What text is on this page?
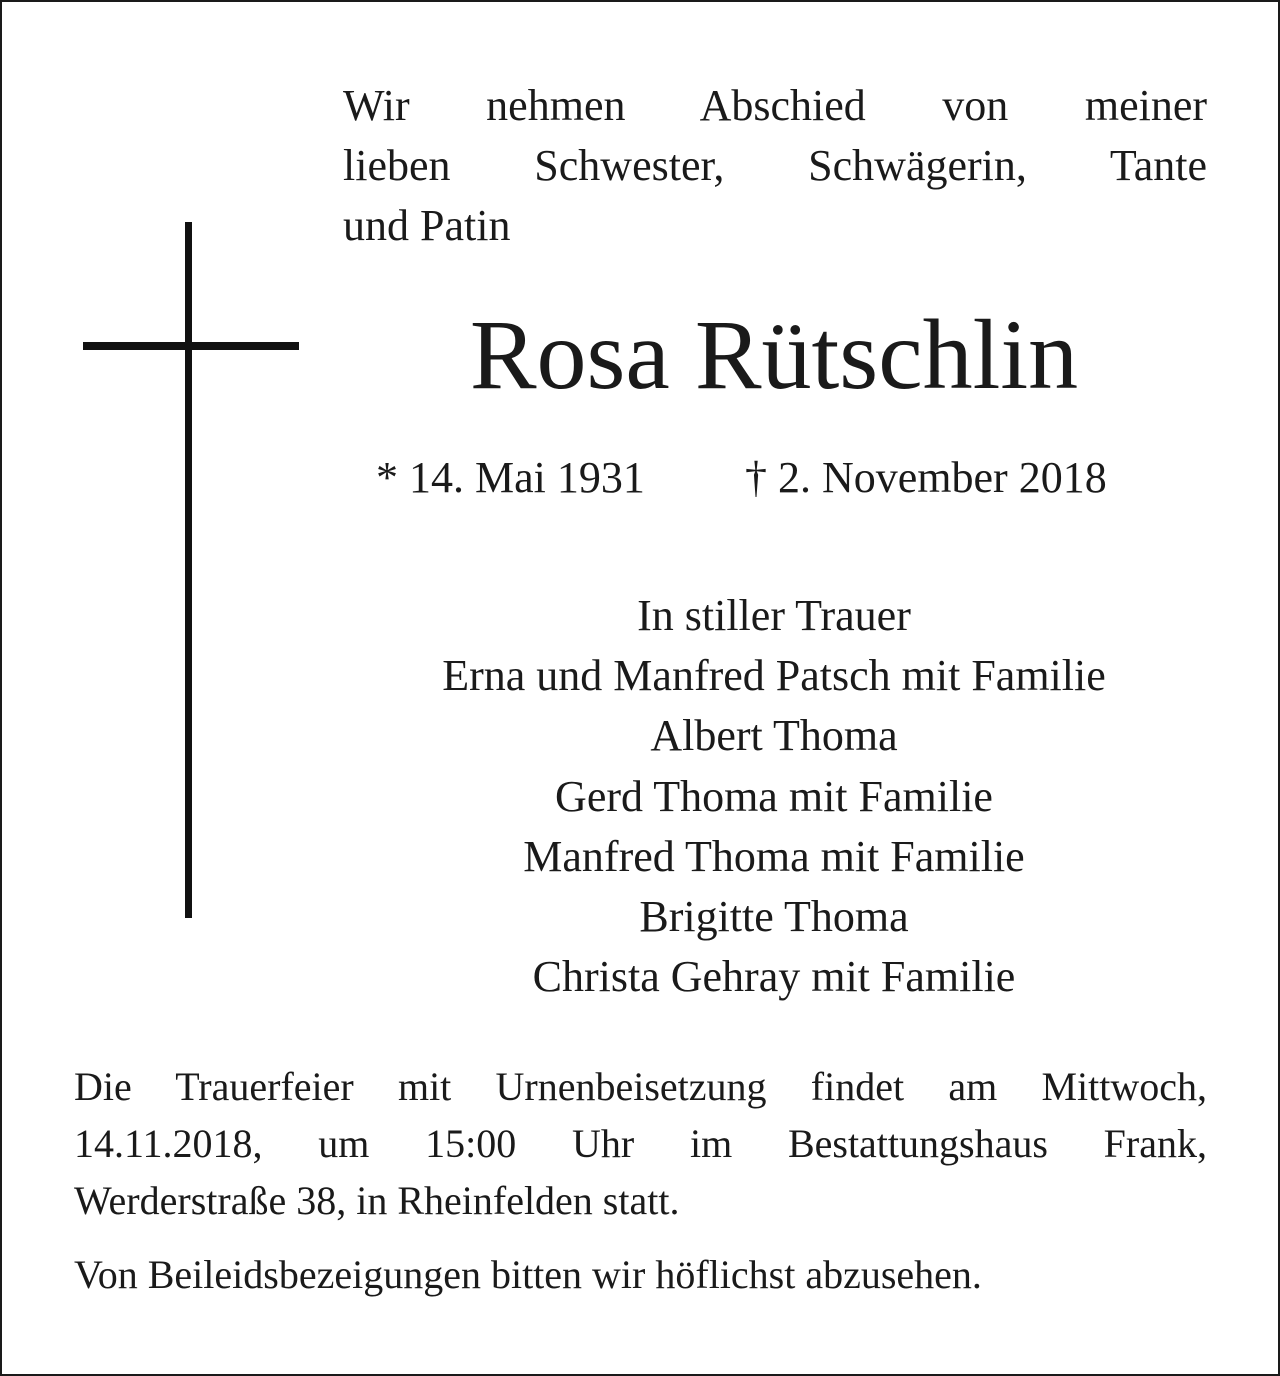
Wir nehmen Abschied von meiner
lieben Schwester, Schwägerin, Tante
und Patin
Rosa Rütschlin
* 14. Mai 1931 † 2. November 2018
In stiller Trauer
Erna und Manfred Patsch mit Familie
Albert Thoma
Gerd Thoma mit Familie
Manfred Thoma mit Familie
Brigitte Thoma
Christa Gehray mit Familie
Die Trauerfeier mit Urnenbeisetzung findet am Mittwoch,
14.11.2018, um 15:00 Uhr im Bestattungshaus Frank,
Werderstraße 38, in Rheinfelden statt.
Von Beileidsbezeigungen bitten wir höflichst abzusehen.
